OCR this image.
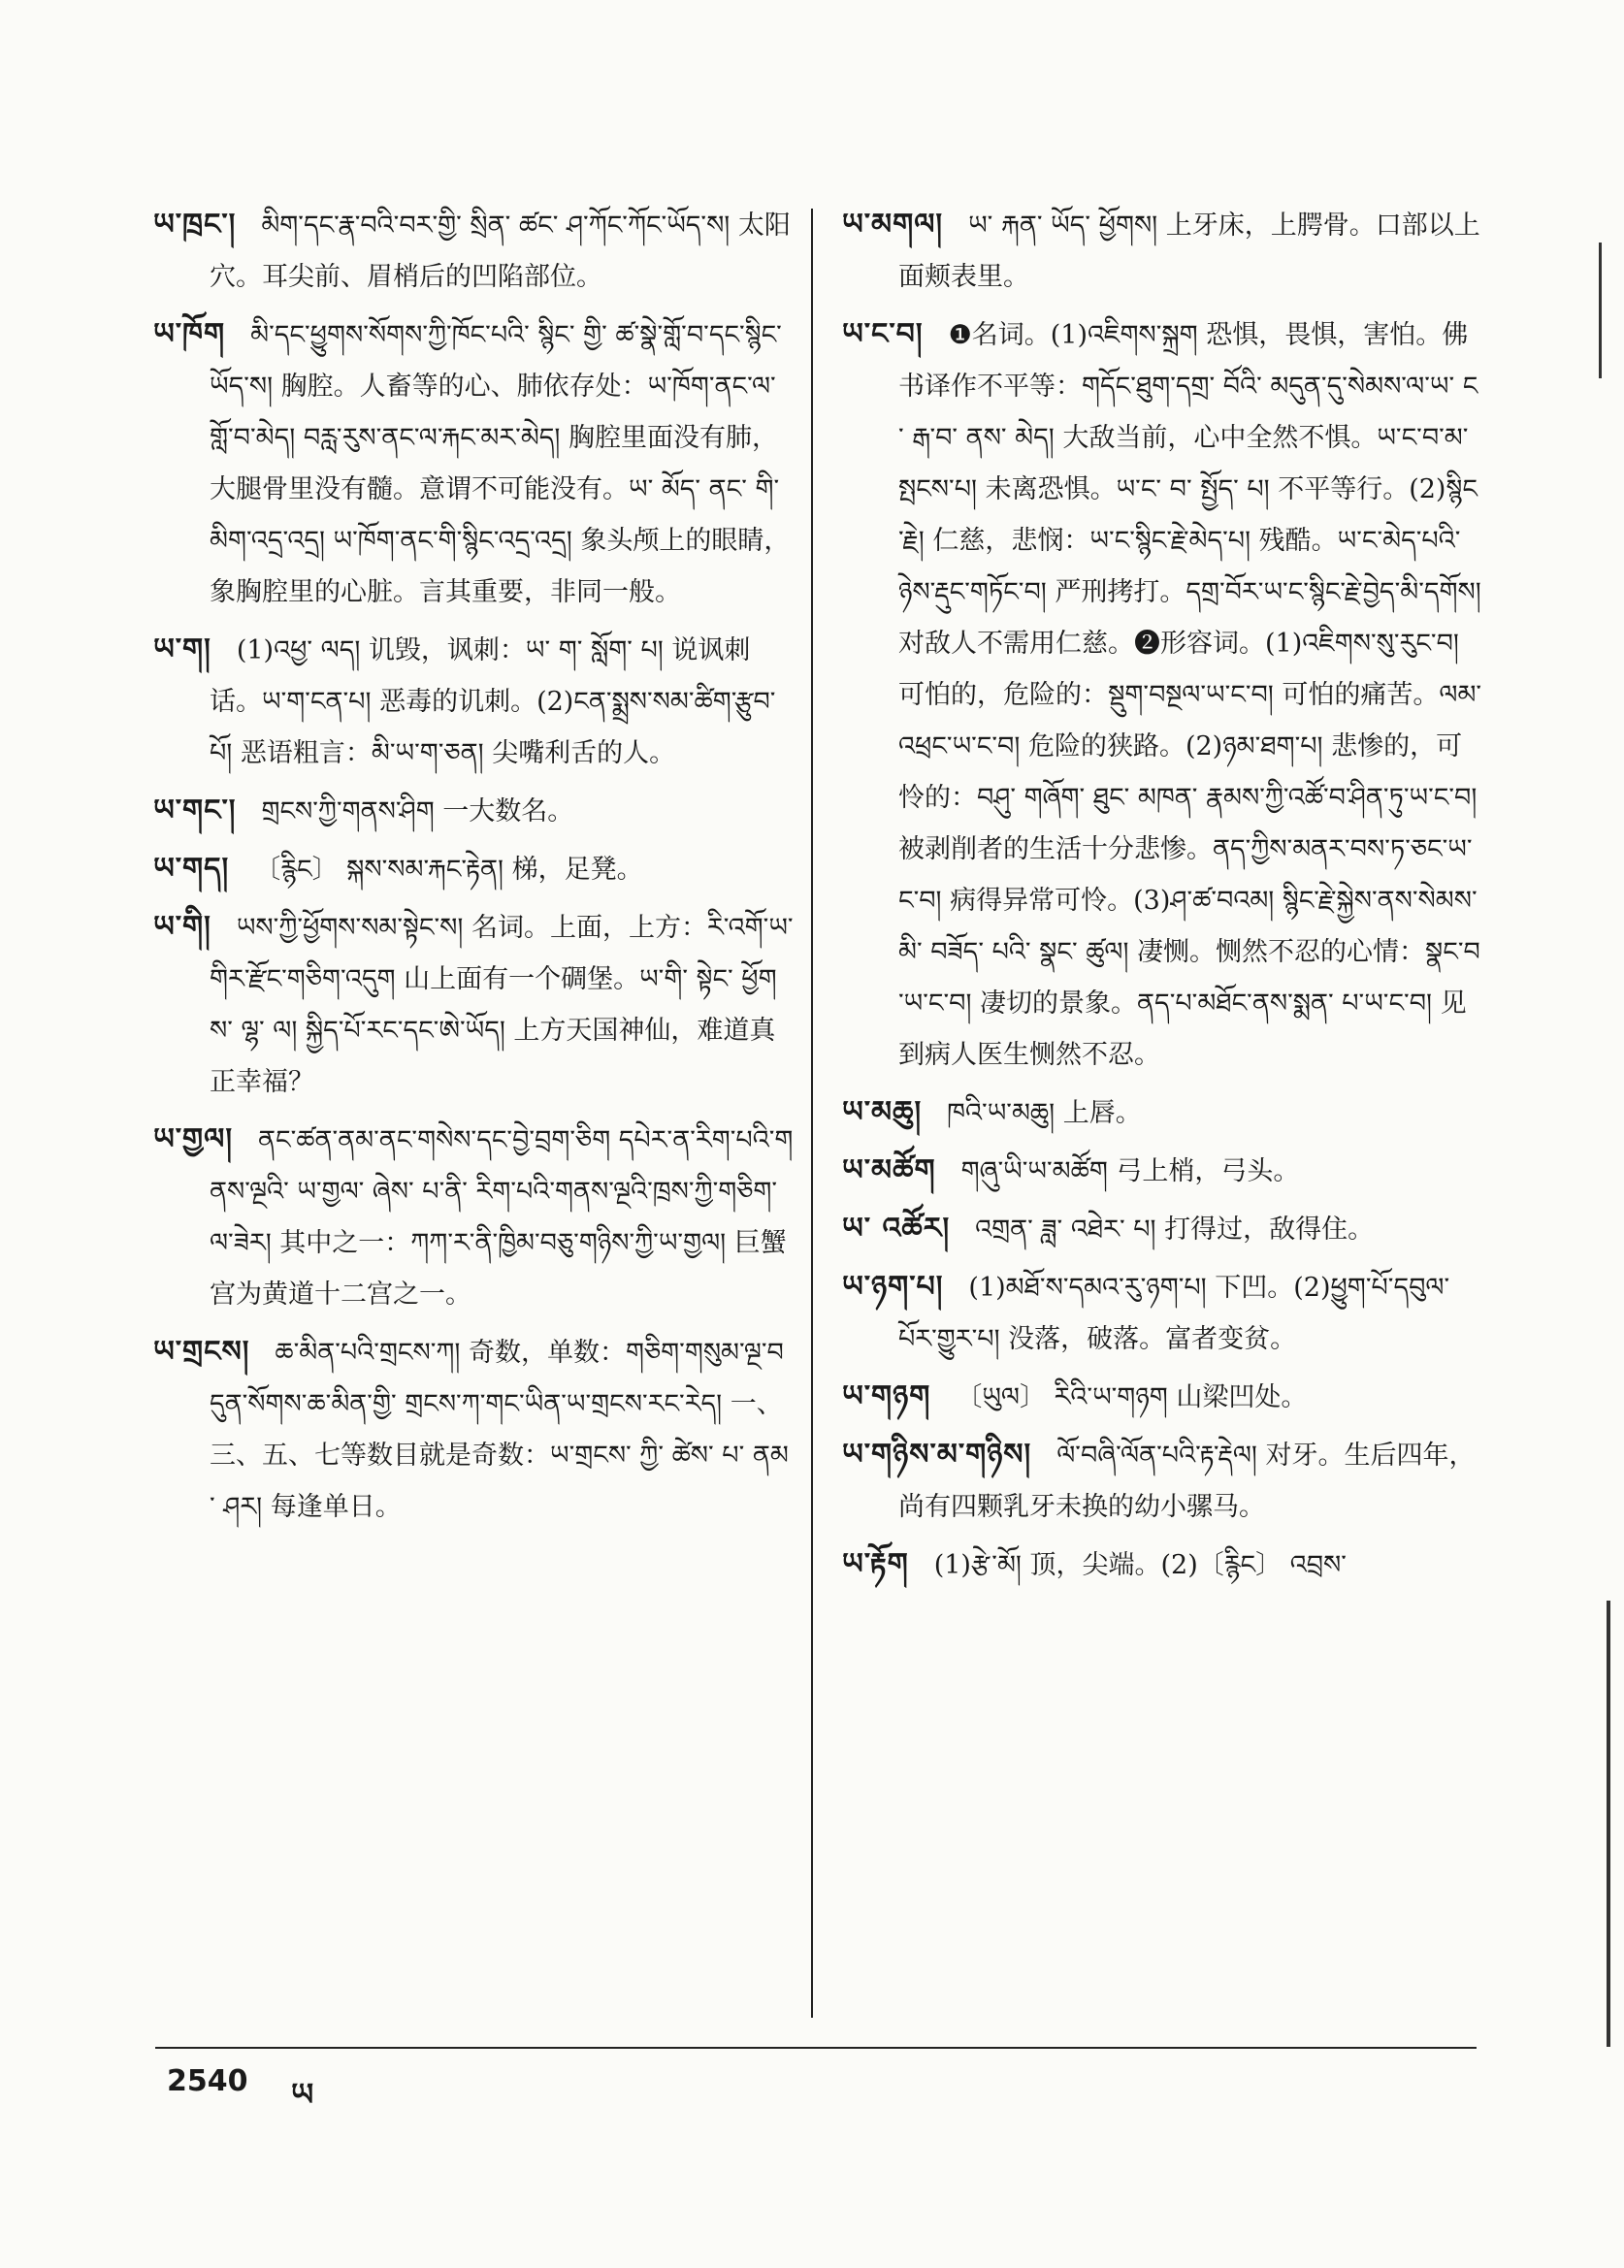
ཡ་ཁྲང་། མིག་དང་རྣ་བའི་བར་གྱི་ སྲིན་ ཚང་ ཤ་ཀོང་ཀོང་ཡོད་ས། 太阳穴。耳尖前、眉梢后的凹陷部位。

ཡ་ཁོག མི་དང་ཕྱུགས་སོགས་ཀྱི་ཁོང་པའི་ སྙིང་ གྱི་ ཚ་སྣེ་གློ་བ་དང་སྙིང་ཡོད་ས། 胸腔。人畜等的心、肺依存处：ཡ་ཁོག་ནང་ལ་གློ་བ་མེད། བརླ་རུས་ནང་ལ་རྐང་མར་མེད། 胸腔里面没有肺，大腿骨里没有髓。意谓不可能没有。ཡ་ མོད་ ནང་ གི་མིག་འདྲ་འདྲ། ཡ་ཁོག་ནང་གི་སྙིང་འདྲ་འདྲ། 象头颅上的眼睛，象胸腔里的心脏。言其重要，非同一般。

ཡ་ག། (1)འཕྱ་ ལད། 讥毁，讽刺：ཡ་ ག་ སློག་ པ། 说讽刺话。ཡ་ག་ངན་པ། 恶毒的讥刺。(2)ངན་སྨྲས་སམ་ཚིག་རྩུབ་པོ། 恶语粗言：མི་ཡ་ག་ཅན། 尖嘴利舌的人。

ཡ་གང་། གྲངས་ཀྱི་གནས་ཤིག 一大数名。

ཡ་གད། 〔རྙིང〕 སྐས་སམ་རྐང་རྟེན། 梯，足凳。

ཡ་གི། ཡས་ཀྱི་ཕྱོགས་སམ་སྟེང་ས། 名词。上面，上方：རི་འགོ་ཡ་གིར་རྫོང་གཅིག་འདུག 山上面有一个碉堡。ཡ་གི་ སྟེང་ ཕྱོགས་ ལྷ་ ལ། སྐྱིད་པོ་རང་དང་ཨེ་ཡོད། 上方天国神仙，难道真正幸福？

ཡ་གྱལ། ནང་ཚན་ནམ་ནང་གསེས་དང་བྱེ་བྲག་ཅིག དཔེར་ན་རིག་པའི་གནས་ལྔའི་ ཡ་གྱལ་ ཞེས་ པ་ནི་ རིག་པའི་གནས་ལྔའི་ཁྲས་ཀྱི་གཅིག་ལ་ཟེར། 其中之一：ཀཀ་ར་ནི་ཁྱིམ་བཅུ་གཉིས་ཀྱི་ཡ་གྱལ། 巨蟹宫为黄道十二宫之一。

ཡ་གྲངས། ཆ་མིན་པའི་གྲངས་ཀ། 奇数，单数：གཅིག་གསུམ་ལྔ་བདུན་སོགས་ཆ་མིན་གྱི་ གྲངས་ཀ་གང་ཡིན་ཡ་གྲངས་རང་རེད། 一、三、五、七等数目就是奇数：ཡ་གྲངས་ ཀྱི་ ཚེས་ པ་ ནམ་ ཤར། 每逢单日。

ཡ་མགལ། ཡ་ རྐན་ ཡོད་ ཕྱོགས། 上牙床，上腭骨。口部以上面颊表里。

ཡ་ང་བ། ❶名词。(1)འཇིགས་སྐྲག 恐惧，畏惧，害怕。佛书译作不平等：གདོང་ཐུག་དགྲ་ བོའི་ མདུན་དུ་སེམས་ལ་ཡ་ ང་ རྒ་བ་ ནས་ མེད། 大敌当前，心中全然不惧。ཡ་ང་བ་མ་སྤངས་པ། 未离恐惧。ཡ་ང་ བ་ སྤྱོད་ པ། 不平等行。(2)སྙིང་རྗེ། 仁慈，悲悯：ཡ་ང་སྙིང་རྗེ་མེད་པ། 残酷。ཡ་ང་མེད་པའི་ཉེས་རྡུང་གཏོང་བ། 严刑拷打。དགྲ་བོར་ཡ་ང་སྙིང་རྗེ་བྱེད་མི་དགོས། 对敌人不需用仁慈。❷形容词。(1)འཇིགས་སུ་རུང་བ། 可怕的，危险的：སྡུག་བསྔལ་ཡ་ང་བ། 可怕的痛苦。ལམ་འཕྲང་ཡ་ང་བ། 危险的狭路。(2)ཉམ་ཐག་པ། 悲惨的，可怜的：བཤུ་ གཞོག་ ཐུང་ མཁན་ རྣམས་ཀྱི་འཚོ་བ་ཤིན་ཏུ་ཡ་ང་བ། 被剥削者的生活十分悲惨。ནད་ཀྱིས་མནར་བས་ཏ་ཅང་ཡ་ང་བ། 病得异常可怜。(3)ཤ་ཚ་བའམ། སྙིང་རྗེ་སྐྱེས་ནས་སེམས་མི་ བཟོད་ པའི་ སྣང་ ཚུལ། 凄恻。恻然不忍的心情：སྣང་བ་ཡ་ང་བ། 凄切的景象。ནད་པ་མཐོང་ནས་སྨན་ པ་ཡ་ང་བ། 见到病人医生恻然不忍。

ཡ་མཆུ། ཁའི་ཡ་མཆུ། 上唇。

ཡ་མཚོག གཞུ་ཡི་ཡ་མཚོག 弓上梢，弓头。

ཡ་ འཚོར། འགྲན་ ཟླ་ འཐེར་ པ། 打得过，敌得住。

ཡ་ཉག་པ། (1)མཐོ་ས་དམའ་རུ་ཉག་པ། 下凹。(2)ཕྱུག་པོ་དབུལ་པོར་གྱུར་པ། 没落，破落。富者变贫。

ཡ་གཉག 〔ཡུལ〕 རིའི་ཡ་གཉག 山梁凹处。

ཡ་གཉིས་མ་གཉིས། ལོ་བཞི་ལོན་པའི་རྟ་རྡེལ། 对牙。生后四年，尚有四颗乳牙未换的幼小骡马。

ཡ་རྟོག (1)རྩེ་མོ། 顶，尖端。(2)〔རྙིང〕 འབྲས་

2540 ཡ
